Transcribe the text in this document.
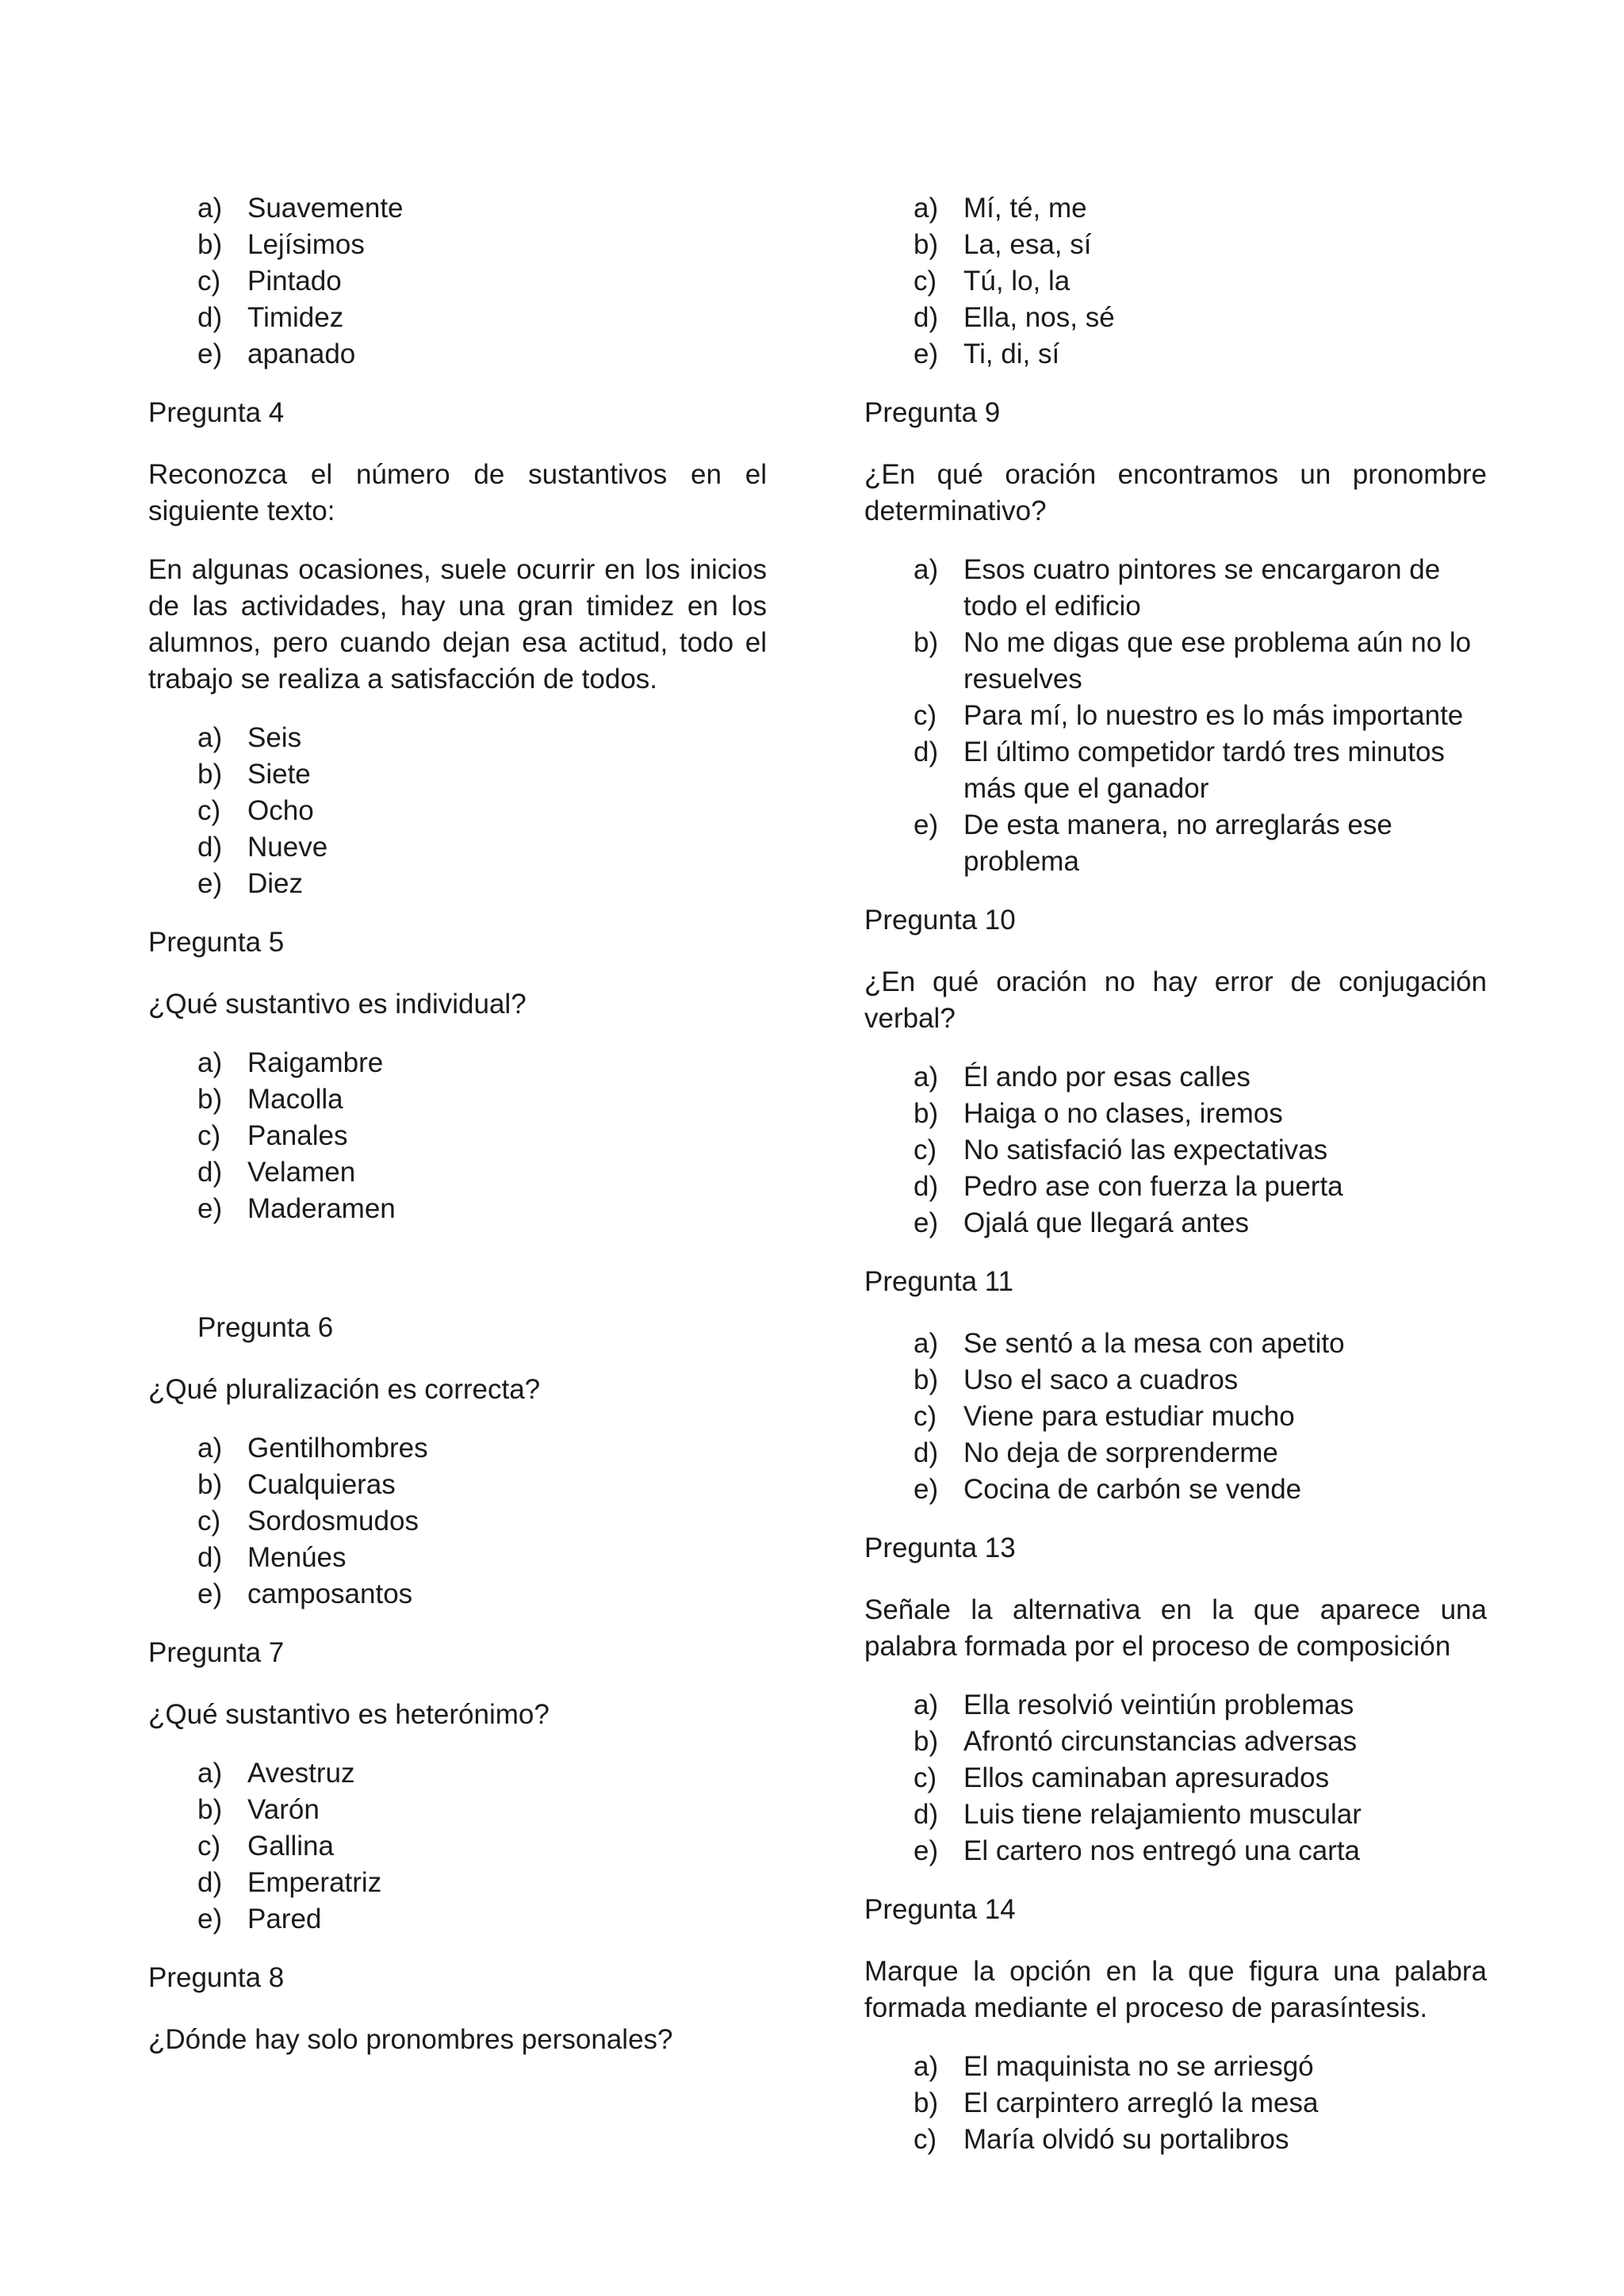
a) Suavemente
b) Lejísimos
c) Pintado
d) Timidez
e) apanado
Pregunta 4
Reconozca el número de sustantivos en el siguiente texto:
En algunas ocasiones, suele ocurrir en los inicios de las actividades, hay una gran timidez en los alumnos, pero cuando dejan esa actitud, todo el trabajo se realiza a satisfacción de todos.
a) Seis
b) Siete
c) Ocho
d) Nueve
e) Diez
Pregunta 5
¿Qué sustantivo es individual?
a) Raigambre
b) Macolla
c) Panales
d) Velamen
e) Maderamen
Pregunta 6
¿Qué pluralización es correcta?
a) Gentilhombres
b) Cualquieras
c) Sordosmudos
d) Menúes
e) camposantos
Pregunta 7
¿Qué sustantivo es heterónimo?
a) Avestruz
b) Varón
c) Gallina
d) Emperatriz
e) Pared
Pregunta 8
¿Dónde hay solo pronombres personales?
a) Mí, té, me
b) La, esa, sí
c) Tú, lo, la
d) Ella, nos, sé
e) Ti, di, sí
Pregunta 9
¿En qué oración encontramos un pronombre determinativo?
a) Esos cuatro pintores se encargaron de todo el edificio
b) No me digas que ese problema aún no lo resuelves
c) Para mí, lo nuestro es lo más importante
d) El último competidor tardó tres minutos más que el ganador
e) De esta manera, no arreglarás ese problema
Pregunta 10
¿En qué oración no hay error de conjugación verbal?
a) Él ando por esas calles
b) Haiga o no clases, iremos
c) No satisfació las expectativas
d) Pedro ase con fuerza la puerta
e) Ojalá que llegará antes
Pregunta 11
a) Se sentó a la mesa con apetito
b) Uso el saco a cuadros
c) Viene para estudiar mucho
d) No deja de sorprenderme
e) Cocina de carbón se vende
Pregunta 13
Señale la alternativa en la que aparece una palabra formada por el proceso de composición
a) Ella resolvió veintiún problemas
b) Afrontó circunstancias adversas
c) Ellos caminaban apresurados
d) Luis tiene relajamiento muscular
e) El cartero nos entregó una carta
Pregunta 14
Marque la opción en la que figura una palabra formada mediante el proceso de parasíntesis.
a) El maquinista no se arriesgó
b) El carpintero arregló la mesa
c) María olvidó su portalibros
